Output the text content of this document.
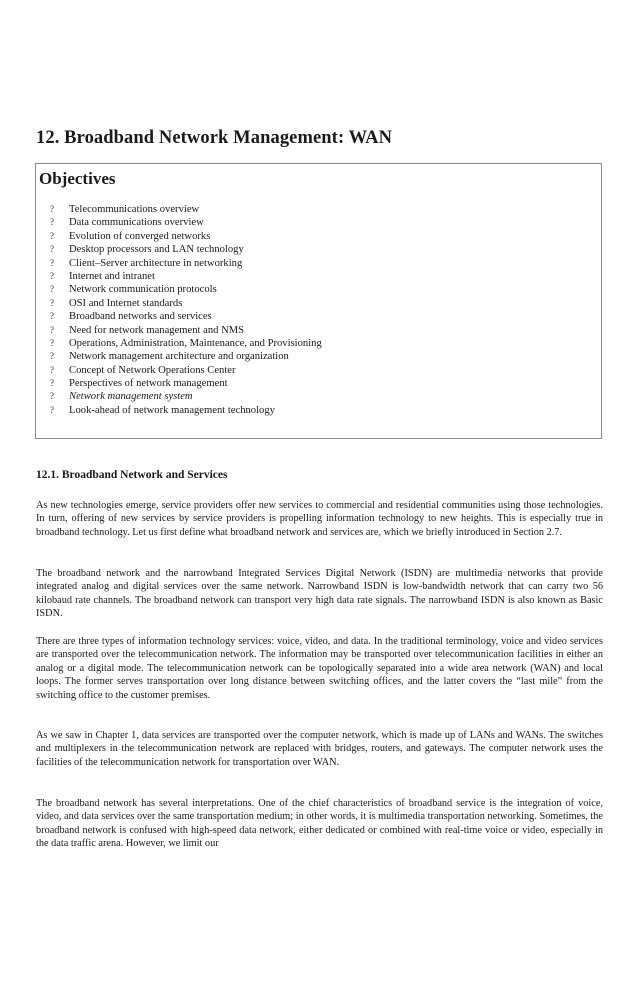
12. Broadband Network Management: WAN
Objectives
? Telecommunications overview
? Data communications overview
? Evolution of converged networks
? Desktop processors and LAN technology
? Client–Server architecture in networking
? Internet and intranet
? Network communication protocols
? OSI and Internet standards
? Broadband networks and services
? Need for network management and NMS
? Operations, Administration, Maintenance, and Provisioning
? Network management architecture and organization
? Concept of Network Operations Center
? Perspectives of network management
? Network management system
? Look-ahead of network management technology
12.1. Broadband Network and Services

As new technologies emerge, service providers offer new services to commercial and residential communities using those technologies. In turn, offering of new services by service providers is propelling information technology to new heights. This is especially true in broadband technology. Let us first define what broadband network and services are, which we briefly introduced in Section 2.7.

The broadband network and the narrowband Integrated Services Digital Network (ISDN) are multimedia networks that provide integrated analog and digital services over the same network. Narrowband ISDN is low-bandwidth network that can carry two 56 kilobaud rate channels. The broadband network can transport very high data rate signals. The narrowband ISDN is also known as Basic ISDN.

There are three types of information technology services: voice, video, and data. In the traditional terminology, voice and video services are transported over the telecommunication network. The information may be transported over telecommunication facilities in either an analog or a digital mode. The telecommunication network can be topologically separated into a wide area network (WAN) and local loops. The former serves transportation over long distance between switching offices, and the latter covers the “last mile” from the switching office to the customer premises.

As we saw in Chapter 1, data services are transported over the computer network, which is made up of LANs and WANs. The switches and multiplexers in the telecommunication network are replaced with bridges, routers, and gateways. The computer network uses the facilities of the telecommunication network for transportation over WAN.

The broadband network has several interpretations. One of the chief characteristics of broadband service is the integration of voice, video, and data services over the same transportation medium; in other words, it is multimedia transportation networking. Sometimes, the broadband network is confused with high-speed data network, either dedicated or combined with real-time voice or video, especially in the data traffic arena. However, we limit our
